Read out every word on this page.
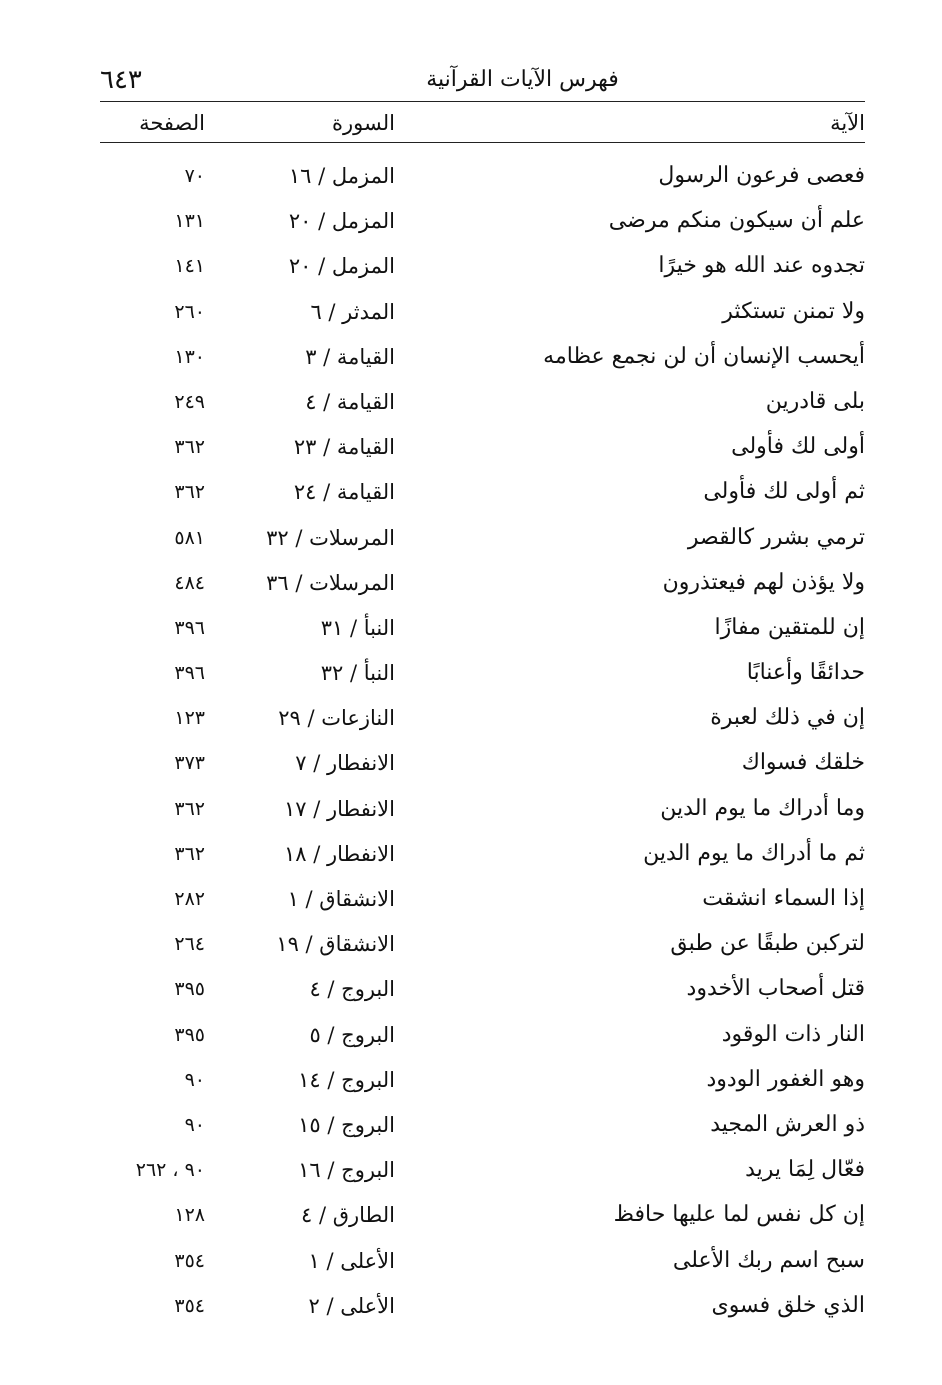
٦٤٣	فهرس الآيات القرآنية
الآية
السورة
الصفحة
فعصى فرعون الرسول
المزمل / ١٦
٧٠
علم أن سيكون منكم مرضى
المزمل / ٢٠
١٣١
تجدوه عند الله هو خيرًا
المزمل / ٢٠
١٤١
ولا تمنن تستكثر
المدثر / ٦
٢٦٠
أيحسب الإنسان أن لن نجمع عظامه
القيامة / ٣
١٣٠
بلى قادرين
القيامة / ٤
٢٤٩
أولى لك فأولى
القيامة / ٢٣
٣٦٢
ثم أولى لك فأولى
القيامة / ٢٤
٣٦٢
ترمي بشرر كالقصر
المرسلات / ٣٢
٥٨١
ولا يؤذن لهم فيعتذرون
المرسلات / ٣٦
٤٨٤
إن للمتقين مفازًا
النبأ / ٣١
٣٩٦
حدائقًا وأعنابًا
النبأ / ٣٢
٣٩٦
إن في ذلك لعبرة
النازعات / ٢٩
١٢٣
خلقك فسواك
الانفطار / ٧
٣٧٣
وما أدراك ما يوم الدين
الانفطار / ١٧
٣٦٢
ثم ما أدراك ما يوم الدين
الانفطار / ١٨
٣٦٢
إذا السماء انشقت
الانشقاق / ١
٢٨٢
لتركبن طبقًا عن طبق
الانشقاق / ١٩
٢٦٤
قتل أصحاب الأخدود
البروج / ٤
٣٩٥
النار ذات الوقود
البروج / ٥
٣٩٥
وهو الغفور الودود
البروج / ١٤
٩٠
ذو العرش المجيد
البروج / ١٥
٩٠
فعّال لِمَا يريد
البروج / ١٦
٩٠ ، ٢٦٢
إن كل نفس لما عليها حافظ
الطارق / ٤
١٢٨
سبح اسم ربك الأعلى
الأعلى / ١
٣٥٤
الذي خلق فسوى
الأعلى / ٢
٣٥٤
